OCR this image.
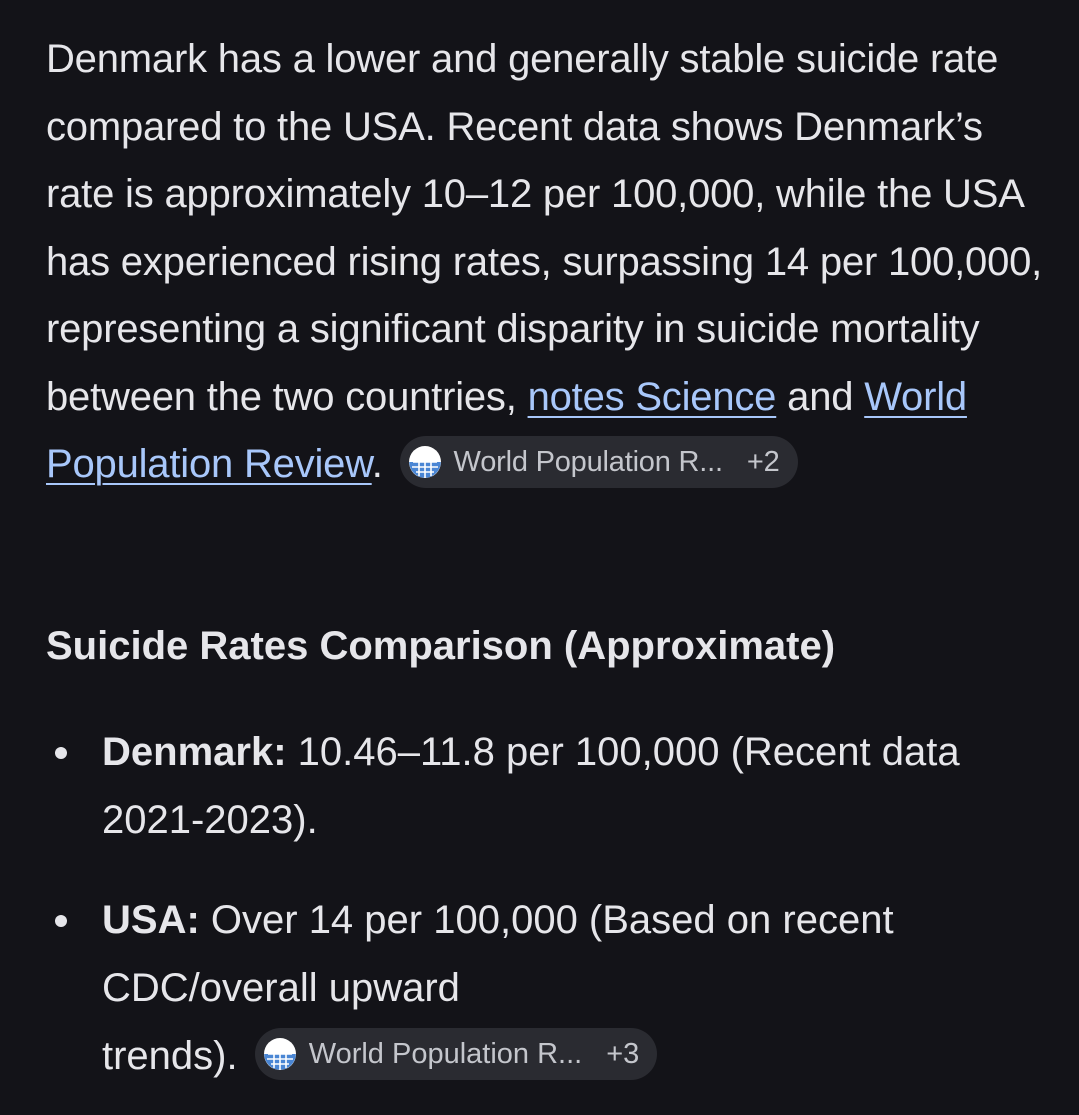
Denmark has a lower and generally stable suicide rate compared to the USA. Recent data shows Denmark’s rate is approximately 10–12 per 100,000, while the USA has experienced rising rates, surpassing 14 per 100,000, representing a significant disparity in suicide mortality between the two countries, notes Science and World Population Review. World Population R... +2

Suicide Rates Comparison (Approximate)
Denmark: 10.46–11.8 per 100,000 (Recent data 2021-2023).
USA: Over 14 per 100,000 (Based on recent CDC/overall upward
trends). World Population R... +3
